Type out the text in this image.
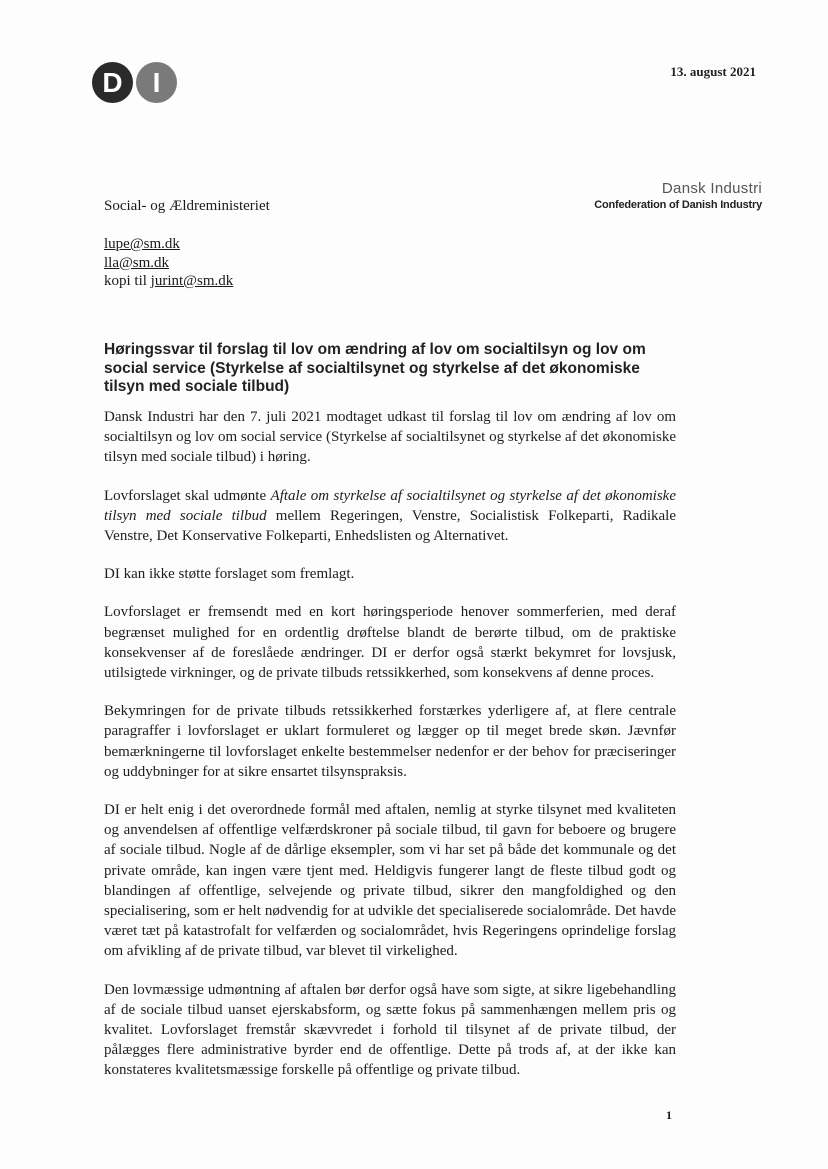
D	I	13. august 2021
Dansk Industri
Confederation of Danish Industry
Social- og Ældreministeriet
lupe@sm.dk
lla@sm.dk
kopi til jurint@sm.dk
Høringssvar til forslag til lov om ændring af lov om socialtilsyn og lov om social service (Styrkelse af socialtilsynet og styrkelse af det økonomiske tilsyn med sociale tilbud)

Dansk Industri har den 7. juli 2021 modtaget udkast til forslag til lov om ændring af lov om socialtilsyn og lov om social service (Styrkelse af socialtilsynet og styrkelse af det økonomiske tilsyn med sociale tilbud) i høring.

Lovforslaget skal udmønte Aftale om styrkelse af socialtilsynet og styrkelse af det økonomiske tilsyn med sociale tilbud mellem Regeringen, Venstre, Socialistisk Folkeparti, Radikale Venstre, Det Konservative Folkeparti, Enhedslisten og Alternativet.

DI kan ikke støtte forslaget som fremlagt.

Lovforslaget er fremsendt med en kort høringsperiode henover sommerferien, med deraf begrænset mulighed for en ordentlig drøftelse blandt de berørte tilbud, om de praktiske konsekvenser af de foreslåede ændringer. DI er derfor også stærkt bekymret for lovsjusk, utilsigtede virkninger, og de private tilbuds retssikkerhed, som konsekvens af denne proces.

Bekymringen for de private tilbuds retssikkerhed forstærkes yderligere af, at flere centrale paragraffer i lovforslaget er uklart formuleret og lægger op til meget brede skøn. Jævnfør bemærkningerne til lovforslaget enkelte bestemmelser nedenfor er der behov for præciseringer og uddybninger for at sikre ensartet tilsynspraksis.

DI er helt enig i det overordnede formål med aftalen, nemlig at styrke tilsynet med kvaliteten og anvendelsen af offentlige velfærdskroner på sociale tilbud, til gavn for beboere og brugere af sociale tilbud. Nogle af de dårlige eksempler, som vi har set på både det kommunale og det private område, kan ingen være tjent med. Heldigvis fungerer langt de fleste tilbud godt og blandingen af offentlige, selvejende og private tilbud, sikrer den mangfoldighed og den specialisering, som er helt nødvendig for at udvikle det specialiserede socialområde. Det havde været tæt på katastrofalt for velfærden og socialområdet, hvis Regeringens oprindelige forslag om afvikling af de private tilbud, var blevet til virkelighed.

Den lovmæssige udmøntning af aftalen bør derfor også have som sigte, at sikre ligebehandling af de sociale tilbud uanset ejerskabsform, og sætte fokus på sammenhængen mellem pris og kvalitet. Lovforslaget fremstår skævvredet i forhold til tilsynet af de private tilbud, der pålægges flere administrative byrder end de offentlige. Dette på trods af, at der ikke kan konstateres kvalitetsmæssige forskelle på offentlige og private tilbud.

1
